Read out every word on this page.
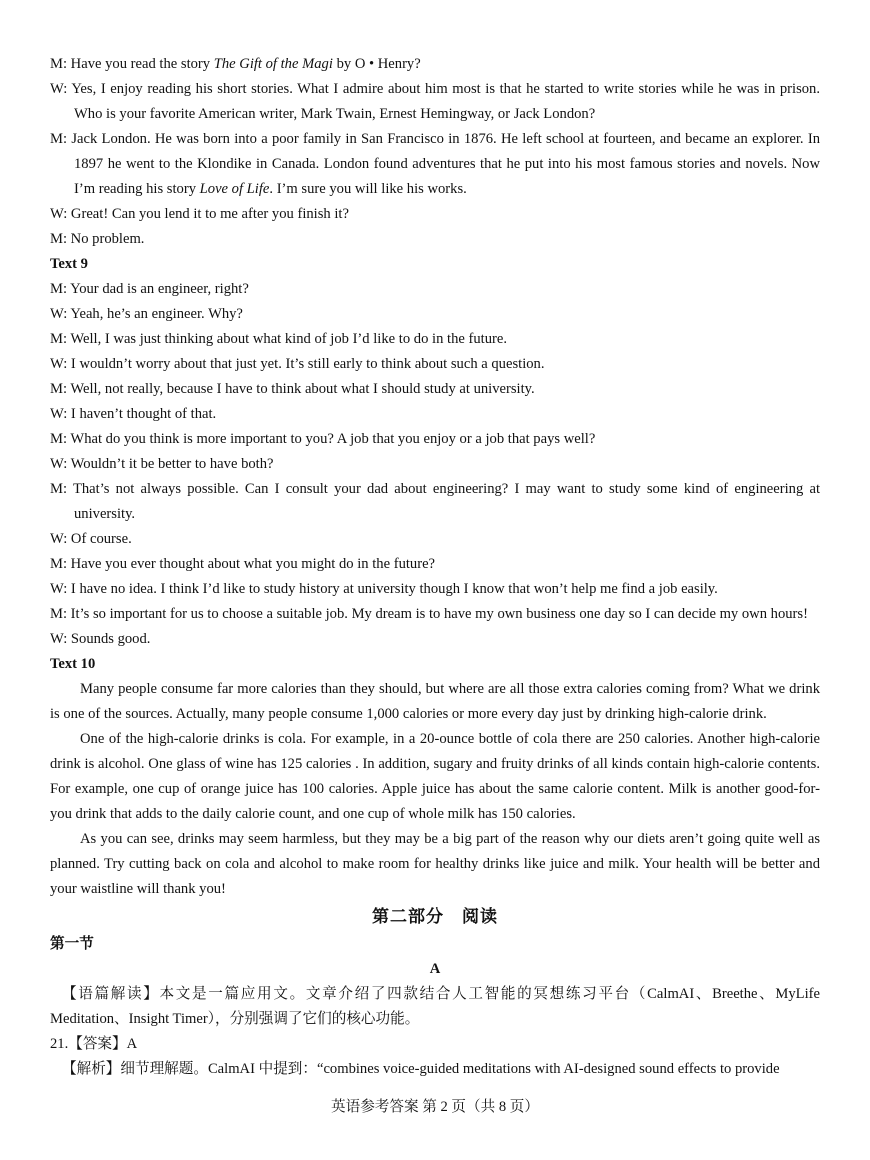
M: Have you read the story The Gift of the Magi by O • Henry?

W: Yes, I enjoy reading his short stories. What I admire about him most is that he started to write stories while he was in prison. Who is your favorite American writer, Mark Twain, Ernest Hemingway, or Jack London?

M: Jack London. He was born into a poor family in San Francisco in 1876. He left school at fourteen, and became an explorer. In 1897 he went to the Klondike in Canada. London found adventures that he put into his most famous stories and novels. Now I’m reading his story Love of Life. I’m sure you will like his works.

W: Great! Can you lend it to me after you finish it?

M: No problem.

Text 9

M: Your dad is an engineer, right?

W: Yeah, he’s an engineer. Why?

M: Well, I was just thinking about what kind of job I’d like to do in the future.

W: I wouldn’t worry about that just yet. It’s still early to think about such a question.

M: Well, not really, because I have to think about what I should study at university.

W: I haven’t thought of that.

M: What do you think is more important to you? A job that you enjoy or a job that pays well?

W: Wouldn’t it be better to have both?

M: That’s not always possible. Can I consult your dad about engineering? I may want to study some kind of engineering at university.

W: Of course.

M: Have you ever thought about what you might do in the future?

W: I have no idea. I think I’d like to study history at university though I know that won’t help me find a job easily.

M: It’s so important for us to choose a suitable job. My dream is to have my own business one day so I can decide my own hours!

W: Sounds good.

Text 10

Many people consume far more calories than they should, but where are all those extra calories coming from? What we drink is one of the sources. Actually, many people consume 1,000 calories or more every day just by drinking high-calorie drink.

One of the high-calorie drinks is cola. For example, in a 20-ounce bottle of cola there are 250 calories. Another high-calorie drink is alcohol. One glass of wine has 125 calories . In addition, sugary and fruity drinks of all kinds contain high-calorie contents. For example, one cup of orange juice has 100 calories. Apple juice has about the same calorie content. Milk is another good-for-you drink that adds to the daily calorie count, and one cup of whole milk has 150 calories.

As you can see, drinks may seem harmless, but they may be a big part of the reason why our diets aren’t going quite well as planned. Try cutting back on cola and alcohol to make room for healthy drinks like juice and milk. Your health will be better and your waistline will thank you!

第二部分　阅读

第一节

A

【语篇解读】本文是一篇应用文。文章介绍了四款结合人工智能的冥想练习平台（CalmAI、Breethe、MyLife Meditation、Insight Timer），分别强调了它们的核心功能。

21.【答案】A

【解析】细节理解题。CalmAI 中提到：“combines voice-guided meditations with AI-designed sound effects to provide

英语参考答案 第 2 页（共 8 页）
